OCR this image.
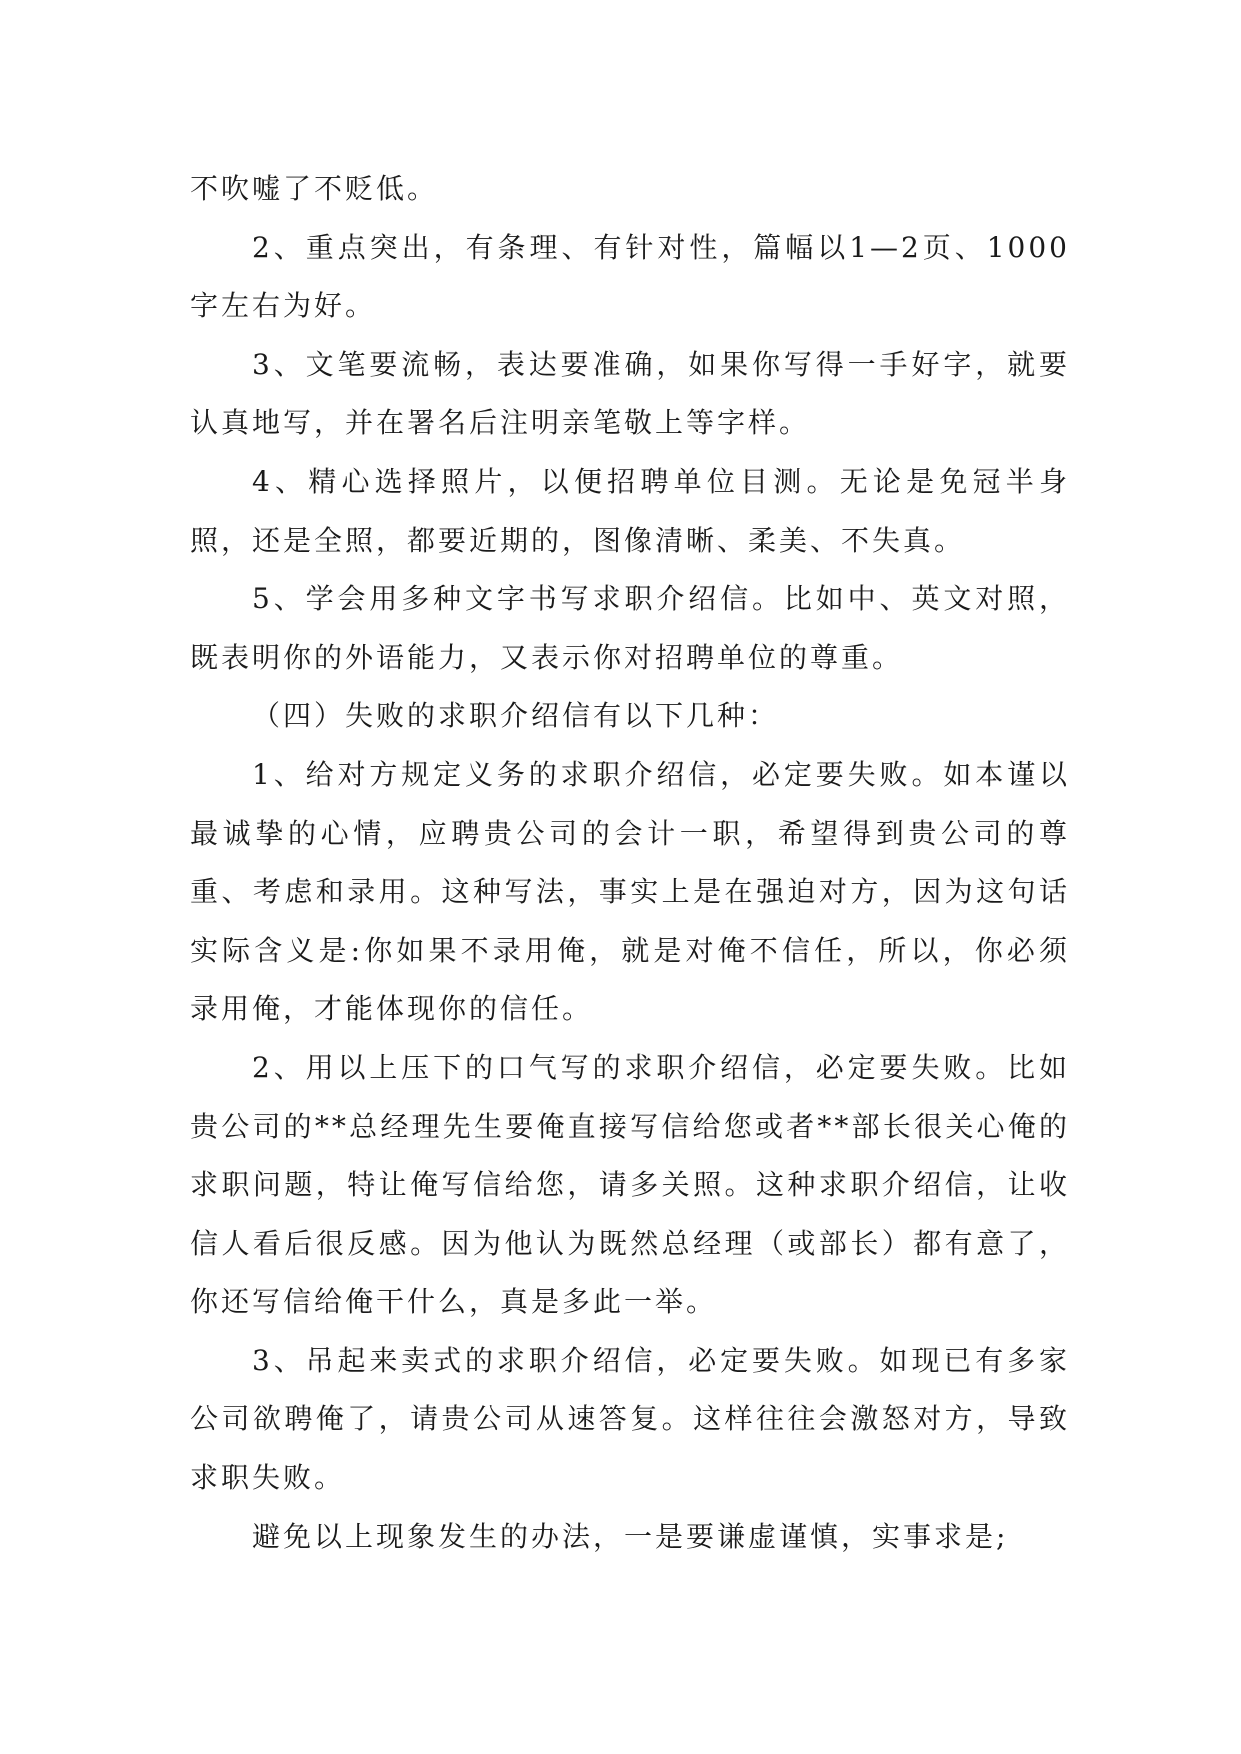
不吹嘘了不贬低。

2、重点突出，有条理、有针对性，篇幅以1—2页、1000字左右为好。

3、文笔要流畅，表达要准确，如果你写得一手好字，就要认真地写，并在署名后注明亲笔敬上等字样。

4、精心选择照片，以便招聘单位目测。无论是免冠半身照，还是全照，都要近期的，图像清晰、柔美、不失真。

5、学会用多种文字书写求职介绍信。比如中、英文对照，既表明你的外语能力，又表示你对招聘单位的尊重。

（四）失败的求职介绍信有以下几种：

1、给对方规定义务的求职介绍信，必定要失败。如本谨以最诚挚的心情，应聘贵公司的会计一职，希望得到贵公司的尊重、考虑和录用。这种写法，事实上是在强迫对方，因为这句话实际含义是:你如果不录用俺，就是对俺不信任，所以，你必须录用俺，才能体现你的信任。

2、用以上压下的口气写的求职介绍信，必定要失败。比如贵公司的**总经理先生要俺直接写信给您或者**部长很关心俺的求职问题，特让俺写信给您，请多关照。这种求职介绍信，让收信人看后很反感。因为他认为既然总经理（或部长）都有意了，你还写信给俺干什么，真是多此一举。

3、吊起来卖式的求职介绍信，必定要失败。如现已有多家公司欲聘俺了，请贵公司从速答复。这样往往会激怒对方，导致求职失败。

避免以上现象发生的办法，一是要谦虚谨慎，实事求是;
